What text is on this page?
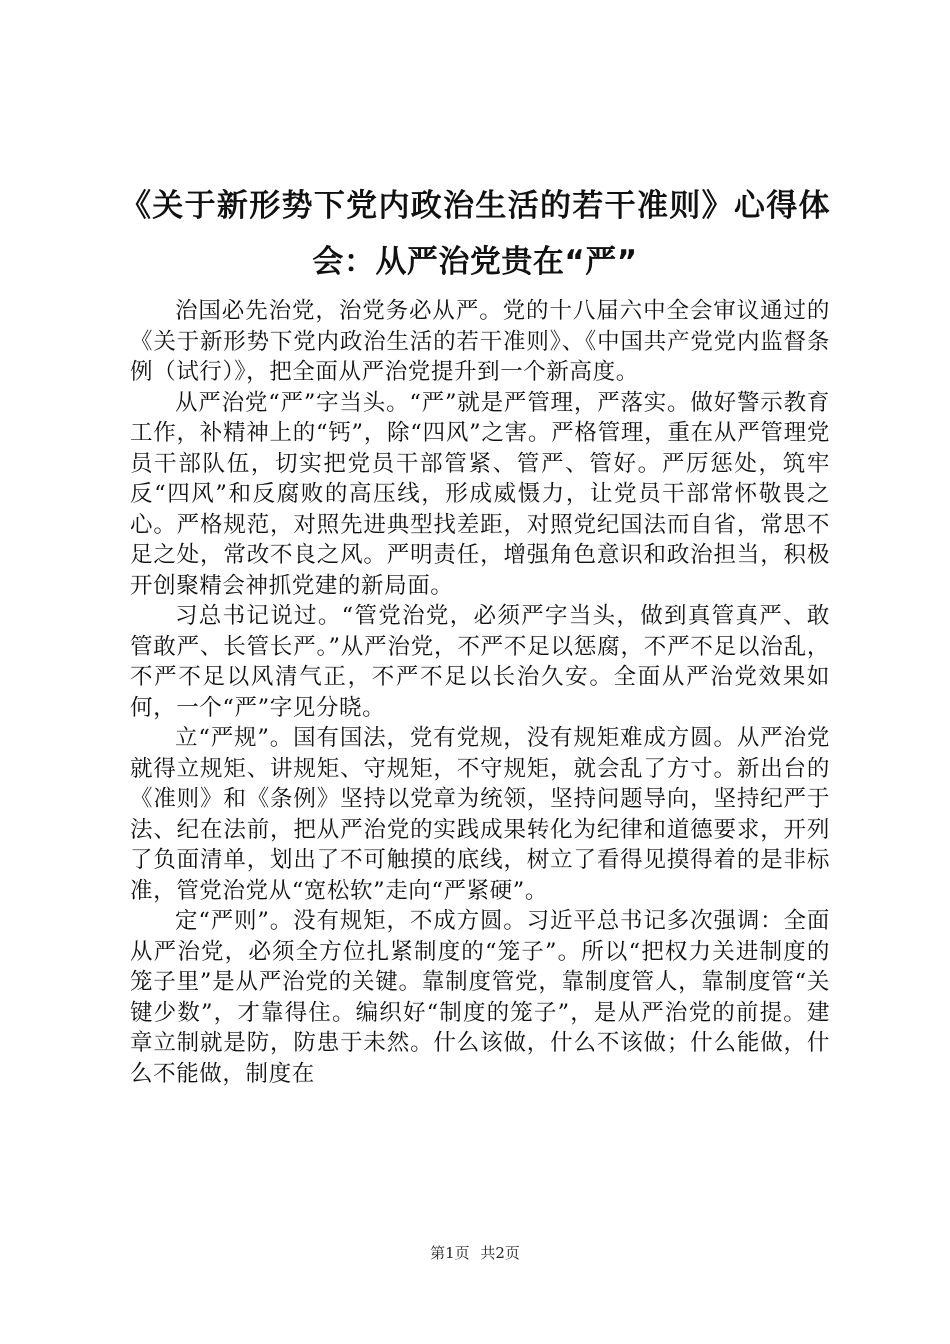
《关于新形势下党内政治生活的若干准则》心得体会：从严治党贵在“严”

治国必先治党，治党务必从严。党的十八届六中全会审议通过的《关于新形势下党内政治生活的若干准则》、《中国共产党党内监督条例（试行）》，把全面从严治党提升到一个新高度。

从严治党“严”字当头。“严”就是严管理，严落实。做好警示教育工作，补精神上的“钙”，除“四风”之害。严格管理，重在从严管理党员干部队伍，切实把党员干部管紧、管严、管好。严厉惩处，筑牢反“四风”和反腐败的高压线，形成威慑力，让党员干部常怀敬畏之心。严格规范，对照先进典型找差距，对照党纪国法而自省，常思不足之处，常改不良之风。严明责任，增强角色意识和政治担当，积极开创聚精会神抓党建的新局面。

习总书记说过。“管党治党，必须严字当头，做到真管真严、敢管敢严、长管长严。”从严治党，不严不足以惩腐，不严不足以治乱，不严不足以风清气正，不严不足以长治久安。全面从严治党效果如何，一个“严”字见分晓。

立“严规”。国有国法，党有党规，没有规矩难成方圆。从严治党就得立规矩、讲规矩、守规矩，不守规矩，就会乱了方寸。新出台的《准则》和《条例》坚持以党章为统领，坚持问题导向，坚持纪严于法、纪在法前，把从严治党的实践成果转化为纪律和道德要求，开列了负面清单，划出了不可触摸的底线，树立了看得见摸得着的是非标准，管党治党从“宽松软”走向“严紧硬”。

定“严则”。没有规矩，不成方圆。习近平总书记多次强调：全面从严治党，必须全方位扎紧制度的“笼子”。所以“把权力关进制度的笼子里”是从严治党的关键。靠制度管党，靠制度管人，靠制度管“关键少数”，才靠得住。编织好“制度的笼子”，是从严治党的前提。建章立制就是防，防患于未然。什么该做，什么不该做；什么能做，什么不能做，制度在

第1页 共2页
